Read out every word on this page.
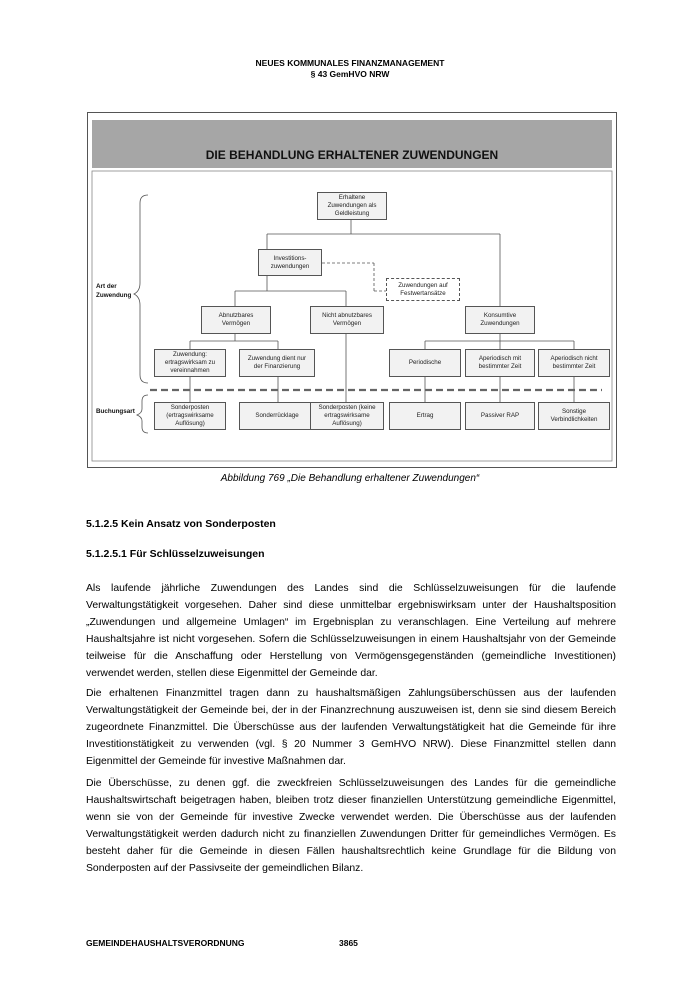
NEUES KOMMUNALES FINANZMANAGEMENT
§ 43 GemHVO NRW
DIE BEHANDLUNG ERHALTENER ZUWENDUNGEN
Erhaltene
Zuwendungen als
Geldleistung
Investitions-
zuwendungen
Zuwendungen auf
Festwertansätze
Abnutzbares
Vermögen
Nicht abnutzbares
Vermögen
Konsumtive
Zuwendungen
Zuwendung:
ertragswirksam zu
vereinnahmen
Zuwendung dient nur
der Finanzierung
Periodische
Aperiodisch mit
bestimmter Zeit
Aperiodisch nicht
bestimmter Zeit
Sonderposten
(ertragswirksame
Auflösung)
Sonderrücklage
Sonderposten (keine
ertragswirksame
Auflösung)
Ertrag	Passiver RAP
Sonstige
Verbindlichkeiten
Art der
Zuwendung
Buchungsart
Abbildung 769 „Die Behandlung erhaltener Zuwendungen“
5.1.2.5 Kein Ansatz von Sonderposten
5.1.2.5.1 Für Schlüsselzuweisungen
Als laufende jährliche Zuwendungen des Landes sind die Schlüsselzuweisungen für die laufende Verwaltungstätigkeit vorgesehen. Daher sind diese unmittelbar ergebniswirksam unter der Haushaltsposition „Zuwendungen und allgemeine Umlagen“ im Ergebnisplan zu veranschlagen. Eine Verteilung auf mehrere Haushaltsjahre ist nicht vorgesehen. Sofern die Schlüsselzuweisungen in einem Haushaltsjahr von der Gemeinde teilweise für die Anschaffung oder Herstellung von Vermögensgegenständen (gemeindliche Investitionen) verwendet werden, stellen diese Eigenmittel der Gemeinde dar.
Die erhaltenen Finanzmittel tragen dann zu haushaltsmäßigen Zahlungsüberschüssen aus der laufenden Verwaltungstätigkeit der Gemeinde bei, der in der Finanzrechnung auszuweisen ist, denn sie sind diesem Bereich zugeordnete Finanzmittel. Die Überschüsse aus der laufenden Verwaltungstätigkeit hat die Gemeinde für ihre Investitionstätigkeit zu verwenden (vgl. § 20 Nummer 3 GemHVO NRW). Diese Finanzmittel stellen dann Eigenmittel der Gemeinde für investive Maßnahmen dar.
Die Überschüsse, zu denen ggf. die zweckfreien Schlüsselzuweisungen des Landes für die gemeindliche Haushaltswirtschaft beigetragen haben, bleiben trotz dieser finanziellen Unterstützung gemeindliche Eigenmittel, wenn sie von der Gemeinde für investive Zwecke verwendet werden. Die Überschüsse aus der laufenden Verwaltungstätigkeit werden dadurch nicht zu finanziellen Zuwendungen Dritter für gemeindliches Vermögen. Es besteht daher für die Gemeinde in diesen Fällen haushaltsrechtlich keine Grundlage für die Bildung von Sonderposten auf der Passivseite der gemeindlichen Bilanz.
GEMEINDEHAUSHALTSVERORDNUNG	3865
